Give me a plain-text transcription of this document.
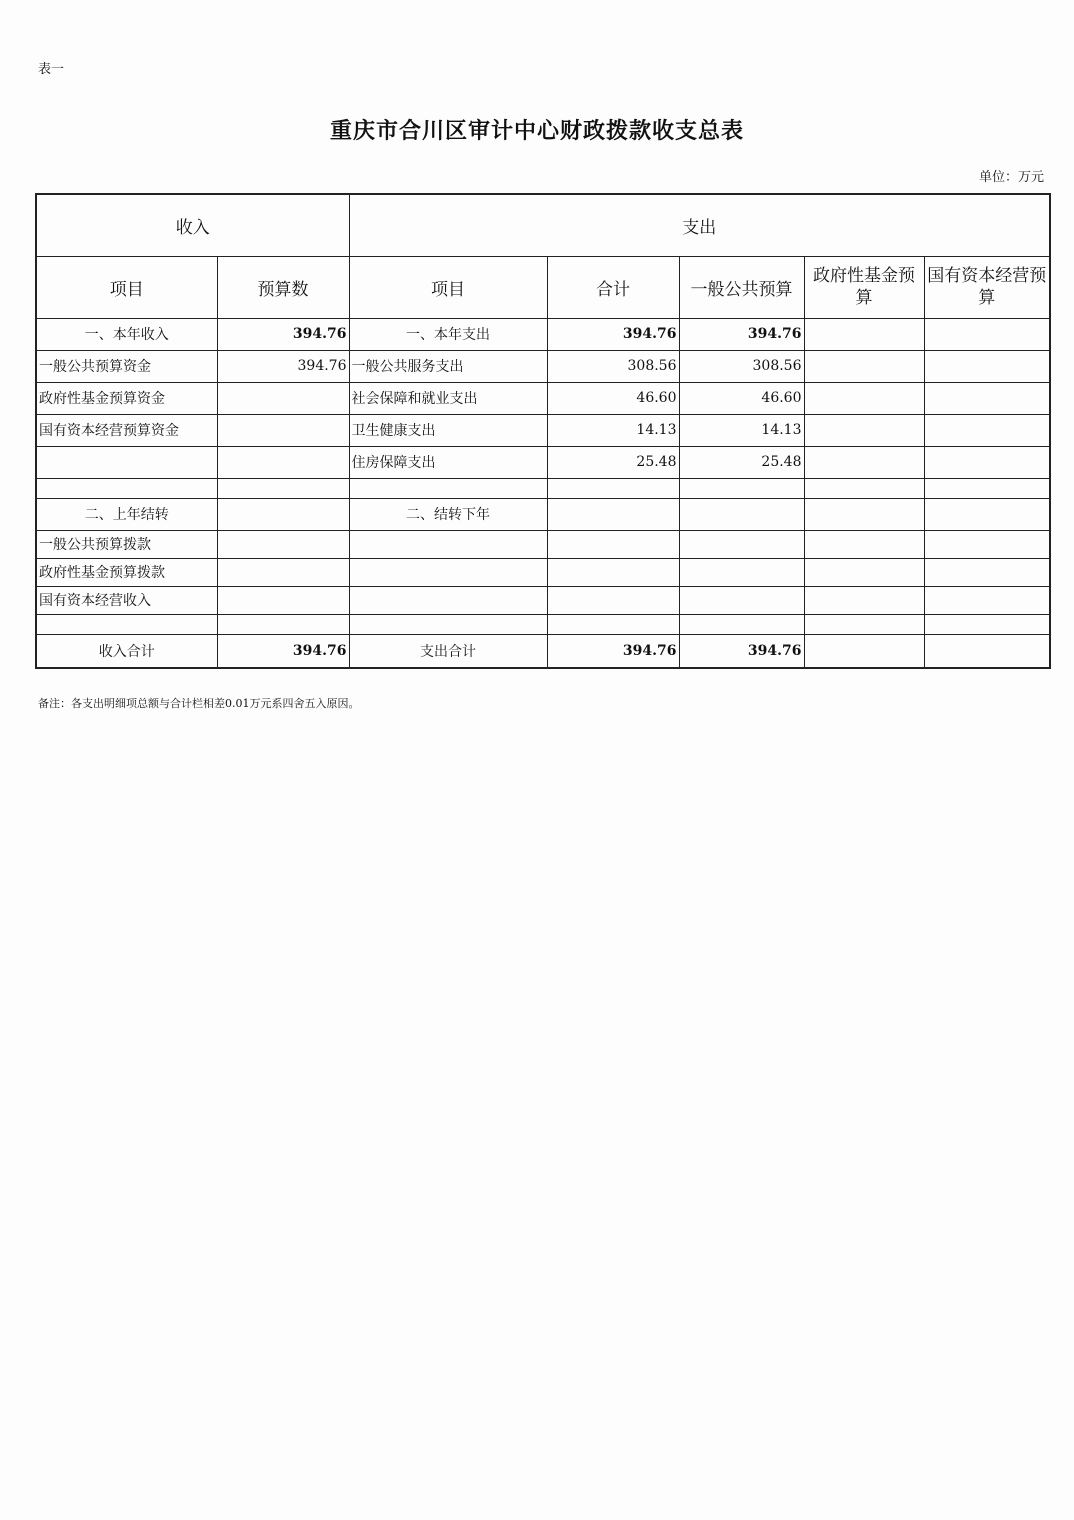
表一
重庆市合川区审计中心财政拨款收支总表
单位：万元
收入		支出				
项目	预算数	项目	合计	一般公共预算	政府性基金预算	国有资本经营预算
一、本年收入	394.76	一、本年支出	394.76	394.76		
一般公共预算资金	394.76	一般公共服务支出	308.56	308.56		
政府性基金预算资金		社会保障和就业支出	46.60	46.60		
国有资本经营预算资金		卫生健康支出	14.13	14.13		
		住房保障支出	25.48	25.48		

二、上年结转		二、结转下年				
一般公共预算拨款						
政府性基金预算拨款						
国有资本经营收入						

收入合计	394.76	支出合计	394.76	394.76		
备注：各支出明细项总额与合计栏相差0.01万元系四舍五入原因。
